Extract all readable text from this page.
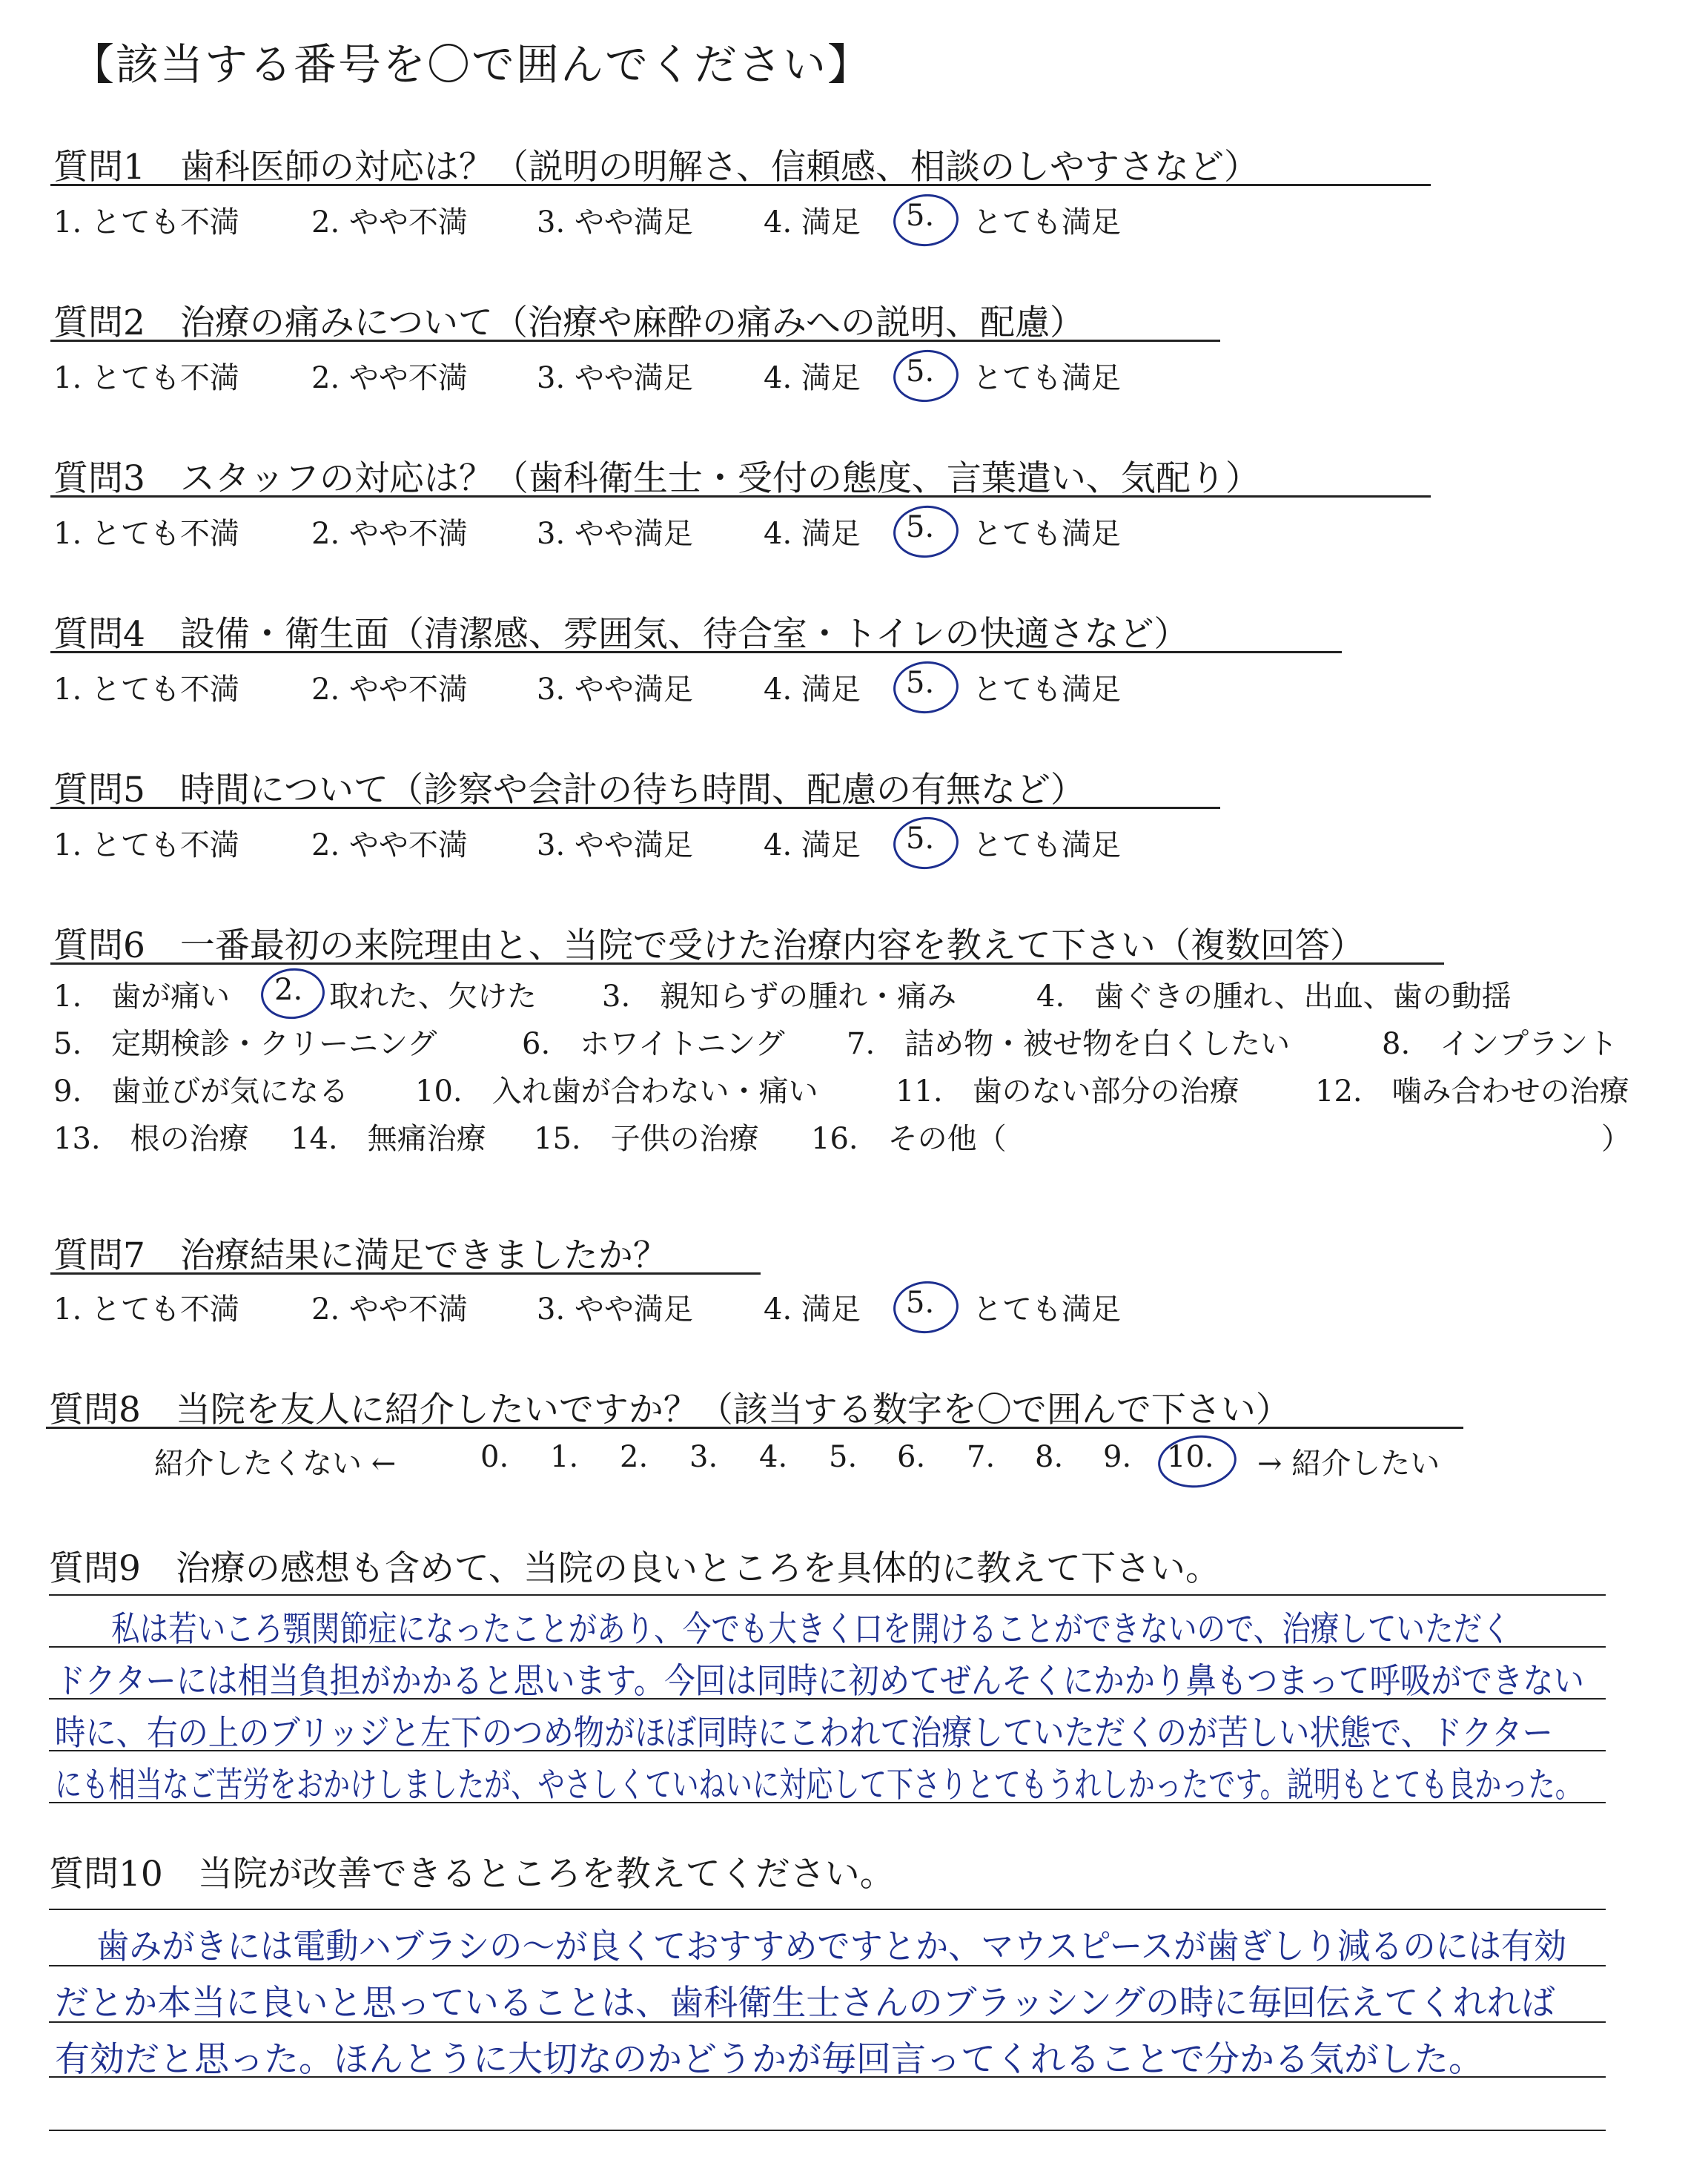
【該当する番号を〇で囲んでください】
質問1　歯科医師の対応は？（説明の明解さ、信頼感、相談のしやすさなど）
1. とても不満 2. やや不満 3. やや満足 4. 満足 5. とても満足
質問2　治療の痛みについて（治療や麻酔の痛みへの説明、配慮）
1. とても不満 2. やや不満 3. やや満足 4. 満足 5. とても満足
質問3　スタッフの対応は？（歯科衛生士・受付の態度、言葉遣い、気配り）
1. とても不満 2. やや不満 3. やや満足 4. 満足 5. とても満足
質問4　設備・衛生面（清潔感、雰囲気、待合室・トイレの快適さなど）
1. とても不満 2. やや不満 3. やや満足 4. 満足 5. とても満足
質問5　時間について（診察や会計の待ち時間、配慮の有無など）
1. とても不満 2. やや不満 3. やや満足 4. 満足 5. とても満足
質問6　一番最初の来院理由と、当院で受けた治療内容を教えて下さい（複数回答）
1.　歯が痛い 2. 取れた、欠けた 3.　親知らずの腫れ・痛み	4.　歯ぐきの腫れ、出血、歯の動揺
5.　定期検診・クリーニング	6.　ホワイトニング 7.　詰め物・被せ物を白くしたい	8.　インプラント
9.　歯並びが気になる 10.　入れ歯が合わない・痛い	11.　歯のない部分の治療	12.　噛み合わせの治療
13.　根の治療 14.　無痛治療 15.　子供の治療 16.　その他（	）
質問7　治療結果に満足できましたか？
1. とても不満 2. やや不満 3. やや満足 4. 満足 5. とても満足
質問8　当院を友人に紹介したいですか？（該当する数字を〇で囲んで下さい）
紹介したくない ←	0. 1. 2. 3. 4. 5. 6. 7. 8. 9. 10. → 紹介したい
質問9　治療の感想も含めて、当院の良いところを具体的に教えて下さい。
私は若いころ顎関節症になったことがあり、今でも大きく口を開けることができないので、治療していただく
ドクターには相当負担がかかると思います。今回は同時に初めてぜんそくにかかり鼻もつまって呼吸ができない
時に、右の上のブリッジと左下のつめ物がほぼ同時にこわれて治療していただくのが苦しい状態で、ドクター
にも相当なご苦労をおかけしましたが、やさしくていねいに対応して下さりとてもうれしかったです。説明もとても良かった。
質問10　当院が改善できるところを教えてください。
歯みがきには電動ハブラシの〜が良くておすすめですとか、マウスピースが歯ぎしり減るのには有効
だとか本当に良いと思っていることは、歯科衛生士さんのブラッシングの時に毎回伝えてくれれば
有効だと思った。ほんとうに大切なのかどうかが毎回言ってくれることで分かる気がした。
